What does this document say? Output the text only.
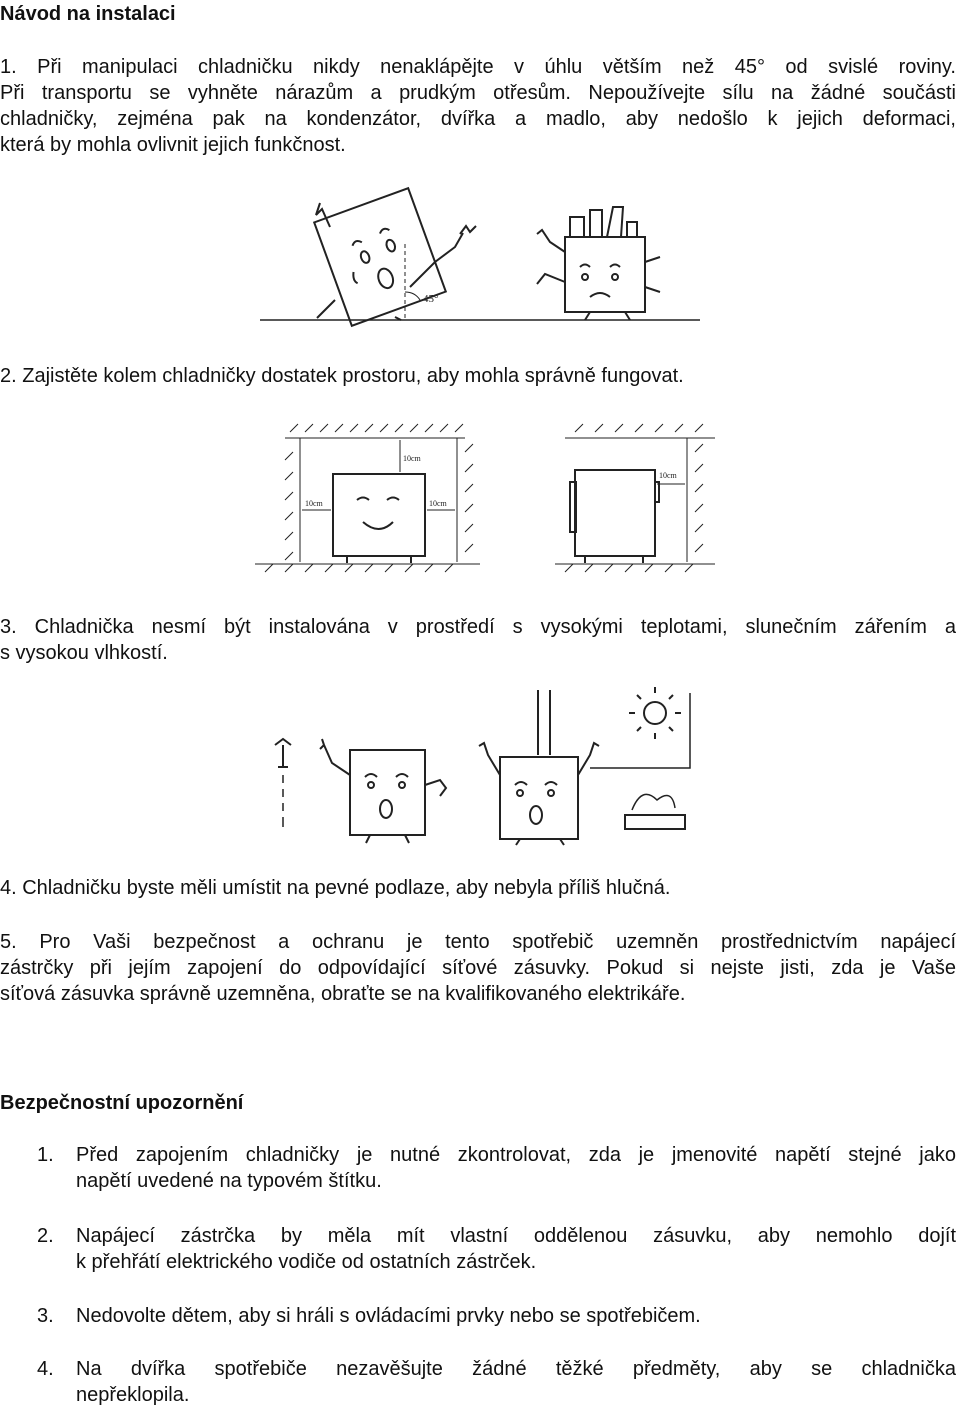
Návod na instalaci
1. Při manipulaci chladničku nikdy nenaklápějte v úhlu větším než 45° od svislé roviny.
Při transportu se vyhněte nárazům a prudkým otřesům. Nepoužívejte sílu na žádné součásti
chladničky, zejména pak na kondenzátor, dvířka a madlo, aby nedošlo k jejich deformaci,
která by mohla ovlivnit jejich funkčnost.
45°
2. Zajistěte kolem chladničky dostatek prostoru, aby mohla správně fungovat.
10cm
10cm	10cm
10cm
3. Chladnička nesmí být instalována v prostředí s vysokými teplotami, slunečním zářením a
s vysokou vlhkostí.
4. Chladničku byste měli umístit na pevné podlaze, aby nebyla příliš hlučná.
5. Pro Vaši bezpečnost a ochranu je tento spotřebič uzemněn prostřednictvím napájecí
zástrčky při jejím zapojení do odpovídající síťové zásuvky. Pokud si nejste jisti, zda je Vaše
síťová zásuvka správně uzemněna, obraťte se na kvalifikovaného elektrikáře.
Bezpečnostní upozornění
1.	Před zapojením chladničky je nutné zkontrolovat, zda je jmenovité napětí stejné jako
napětí uvedené na typovém štítku.
2.	Napájecí zástrčka by měla mít vlastní oddělenou zásuvku, aby nemohlo dojít
k přehřátí elektrického vodiče od ostatních zástrček.
3.	Nedovolte dětem, aby si hráli s ovládacími prvky nebo se spotřebičem.
4.	Na dvířka spotřebiče nezavěšujte žádné těžké předměty, aby se chladnička
nepřeklopila.
